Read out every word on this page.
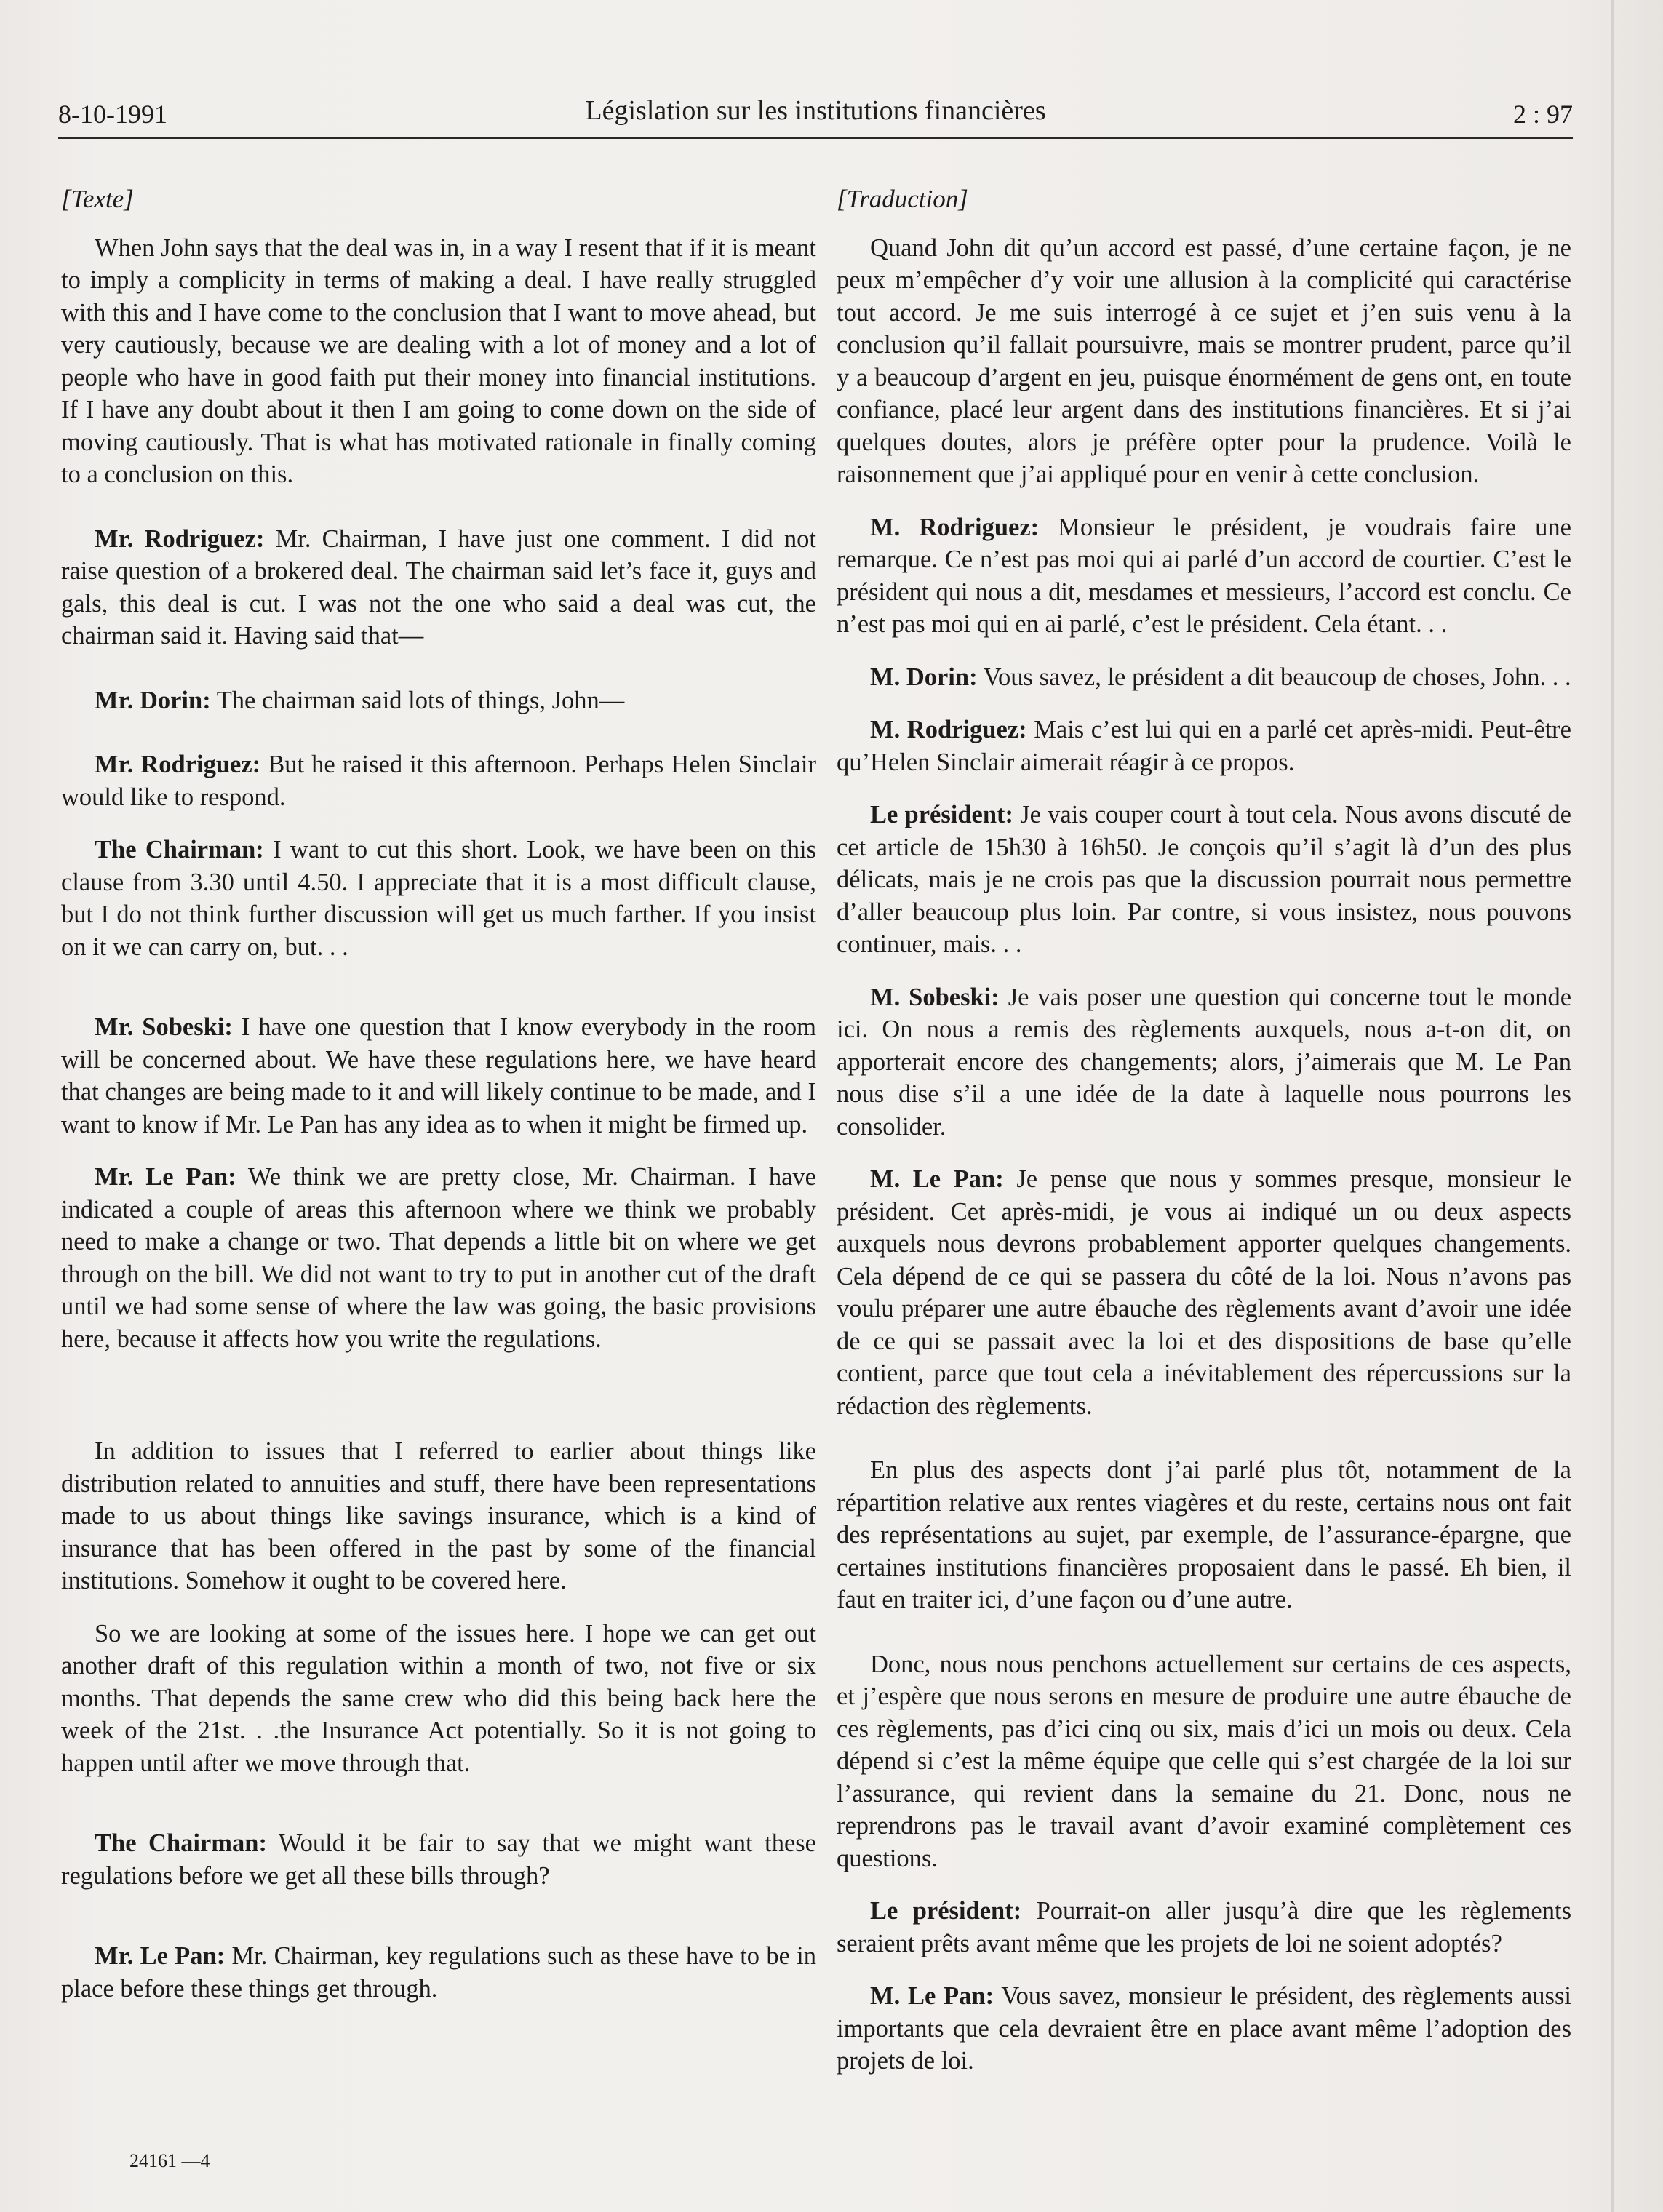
8-10-1991	Législation sur les institutions financières	2 : 97
[Texte]

When John says that the deal was in, in a way I resent that if it is meant to imply a complicity in terms of making a deal. I have really struggled with this and I have come to the conclusion that I want to move ahead, but very cautiously, because we are dealing with a lot of money and a lot of people who have in good faith put their money into financial institutions. If I have any doubt about it then I am going to come down on the side of moving cautiously. That is what has motivated rationale in finally coming to a conclusion on this.

Mr. Rodriguez: Mr. Chairman, I have just one comment. I did not raise question of a brokered deal. The chairman said let’s face it, guys and gals, this deal is cut. I was not the one who said a deal was cut, the chairman said it. Having said that—

Mr. Dorin: The chairman said lots of things, John—

Mr. Rodriguez: But he raised it this afternoon. Perhaps Helen Sinclair would like to respond.

The Chairman: I want to cut this short. Look, we have been on this clause from 3.30 until 4.50. I appreciate that it is a most difficult clause, but I do not think further discussion will get us much farther. If you insist on it we can carry on, but. . .

Mr. Sobeski: I have one question that I know everybody in the room will be concerned about. We have these regulations here, we have heard that changes are being made to it and will likely continue to be made, and I want to know if Mr. Le Pan has any idea as to when it might be firmed up.

Mr. Le Pan: We think we are pretty close, Mr. Chairman. I have indicated a couple of areas this afternoon where we think we probably need to make a change or two. That depends a little bit on where we get through on the bill. We did not want to try to put in another cut of the draft until we had some sense of where the law was going, the basic provisions here, because it affects how you write the regulations.

In addition to issues that I referred to earlier about things like distribution related to annuities and stuff, there have been representations made to us about things like savings insurance, which is a kind of insurance that has been offered in the past by some of the financial institutions. Somehow it ought to be covered here.

So we are looking at some of the issues here. I hope we can get out another draft of this regulation within a month of two, not five or six months. That depends the same crew who did this being back here the week of the 21st. . .the Insurance Act potentially. So it is not going to happen until after we move through that.

The Chairman: Would it be fair to say that we might want these regulations before we get all these bills through?

Mr. Le Pan: Mr. Chairman, key regulations such as these have to be in place before these things get through.

[Traduction]

Quand John dit qu’un accord est passé, d’une certaine façon, je ne peux m’empêcher d’y voir une allusion à la complicité qui caractérise tout accord. Je me suis interrogé à ce sujet et j’en suis venu à la conclusion qu’il fallait poursuivre, mais se montrer prudent, parce qu’il y a beaucoup d’argent en jeu, puisque énormément de gens ont, en toute confiance, placé leur argent dans des institutions financières. Et si j’ai quelques doutes, alors je préfère opter pour la prudence. Voilà le raisonnement que j’ai appliqué pour en venir à cette conclusion.

M. Rodriguez: Monsieur le président, je voudrais faire une remarque. Ce n’est pas moi qui ai parlé d’un accord de courtier. C’est le président qui nous a dit, mesdames et messieurs, l’accord est conclu. Ce n’est pas moi qui en ai parlé, c’est le président. Cela étant. . .

M. Dorin: Vous savez, le président a dit beaucoup de choses, John. . .

M. Rodriguez: Mais c’est lui qui en a parlé cet après-midi. Peut-être qu’Helen Sinclair aimerait réagir à ce propos.

Le président: Je vais couper court à tout cela. Nous avons discuté de cet article de 15h30 à 16h50. Je conçois qu’il s’agit là d’un des plus délicats, mais je ne crois pas que la discussion pourrait nous permettre d’aller beaucoup plus loin. Par contre, si vous insistez, nous pouvons continuer, mais. . .

M. Sobeski: Je vais poser une question qui concerne tout le monde ici. On nous a remis des règlements auxquels, nous a-t-on dit, on apporterait encore des changements; alors, j’aimerais que M. Le Pan nous dise s’il a une idée de la date à laquelle nous pourrons les consolider.

M. Le Pan: Je pense que nous y sommes presque, monsieur le président. Cet après-midi, je vous ai indiqué un ou deux aspects auxquels nous devrons probablement apporter quelques changements. Cela dépend de ce qui se passera du côté de la loi. Nous n’avons pas voulu préparer une autre ébauche des règlements avant d’avoir une idée de ce qui se passait avec la loi et des dispositions de base qu’elle contient, parce que tout cela a inévitablement des répercussions sur la rédaction des règlements.

En plus des aspects dont j’ai parlé plus tôt, notamment de la répartition relative aux rentes viagères et du reste, certains nous ont fait des représentations au sujet, par exemple, de l’assurance-épargne, que certaines institutions financières proposaient dans le passé. Eh bien, il faut en traiter ici, d’une façon ou d’une autre.

Donc, nous nous penchons actuellement sur certains de ces aspects, et j’espère que nous serons en mesure de produire une autre ébauche de ces règlements, pas d’ici cinq ou six, mais d’ici un mois ou deux. Cela dépend si c’est la même équipe que celle qui s’est chargée de la loi sur l’assurance, qui revient dans la semaine du 21. Donc, nous ne reprendrons pas le travail avant d’avoir examiné complètement ces questions.

Le président: Pourrait-on aller jusqu’à dire que les règlements seraient prêts avant même que les projets de loi ne soient adoptés?

M. Le Pan: Vous savez, monsieur le président, des règlements aussi importants que cela devraient être en place avant même l’adoption des projets de loi.

24161 —4
